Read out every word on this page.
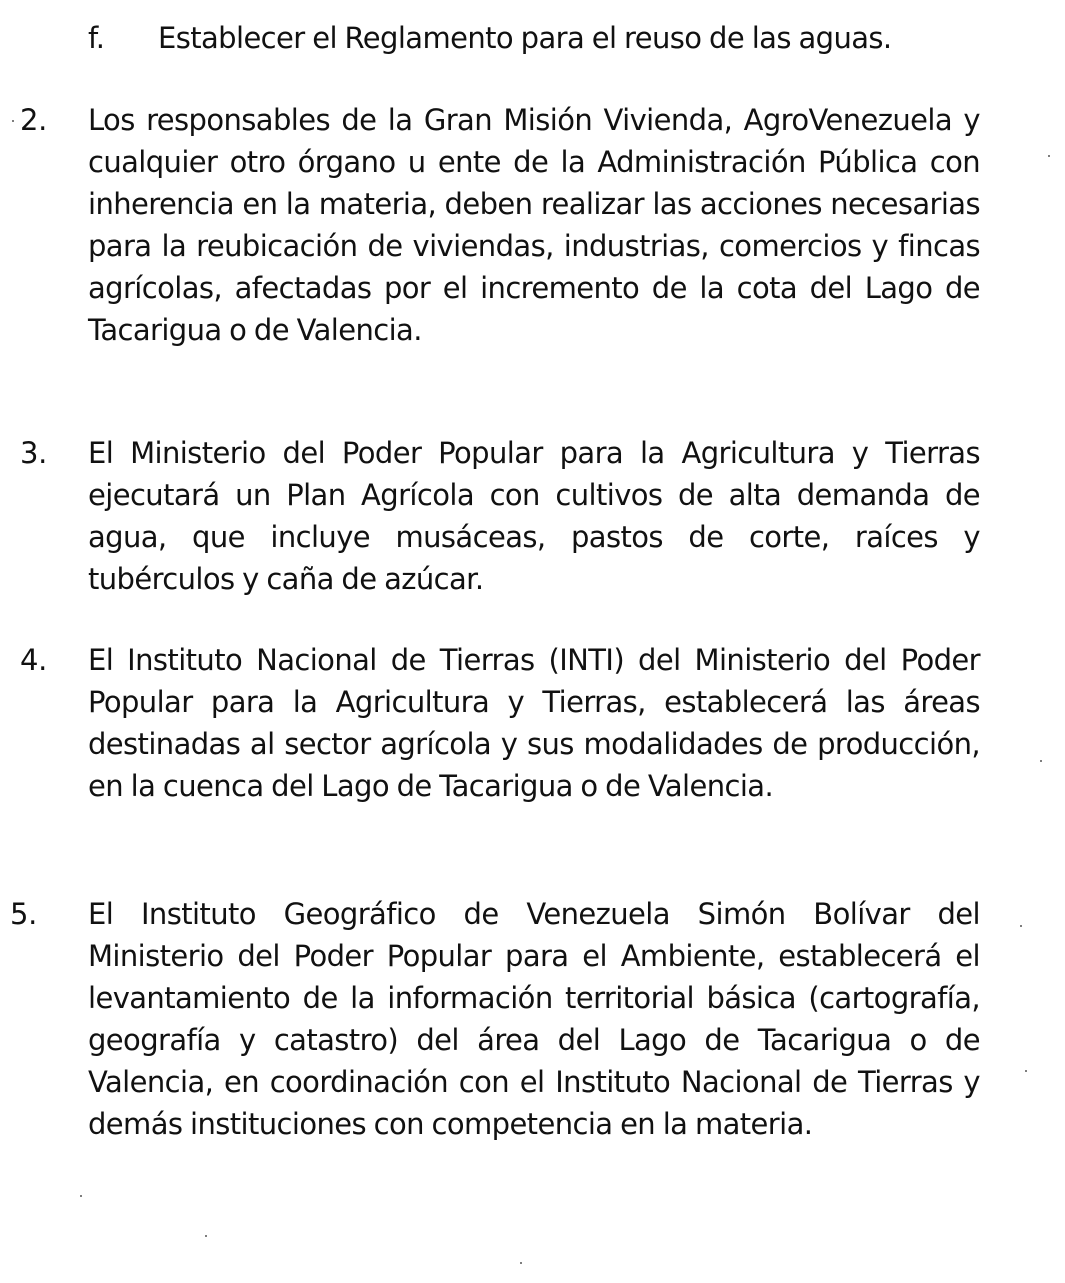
f. Establecer el Reglamento para el reuso de las aguas.

2. Los responsables de la Gran Misión Vivienda, AgroVenezuela y cualquier otro órgano u ente de la Administración Pública con inherencia en la materia, deben realizar las acciones necesarias para la reubicación de viviendas, industrias, comercios y fincas agrícolas, afectadas por el incremento de la cota del Lago de Tacarigua o de Valencia.

3. El Ministerio del Poder Popular para la Agricultura y Tierras ejecutará un Plan Agrícola con cultivos de alta demanda de agua, que incluye musáceas, pastos de corte, raíces y tubérculos y caña de azúcar.

4. El Instituto Nacional de Tierras (INTI) del Ministerio del Poder Popular para la Agricultura y Tierras, establecerá las áreas destinadas al sector agrícola y sus modalidades de producción, en la cuenca del Lago de Tacarigua o de Valencia.

5. El Instituto Geográfico de Venezuela Simón Bolívar del Ministerio del Poder Popular para el Ambiente, establecerá el levantamiento de la información territorial básica (cartografía, geografía y catastro) del área del Lago de Tacarigua o de Valencia, en coordinación con el Instituto Nacional de Tierras y demás instituciones con competencia en la materia.
